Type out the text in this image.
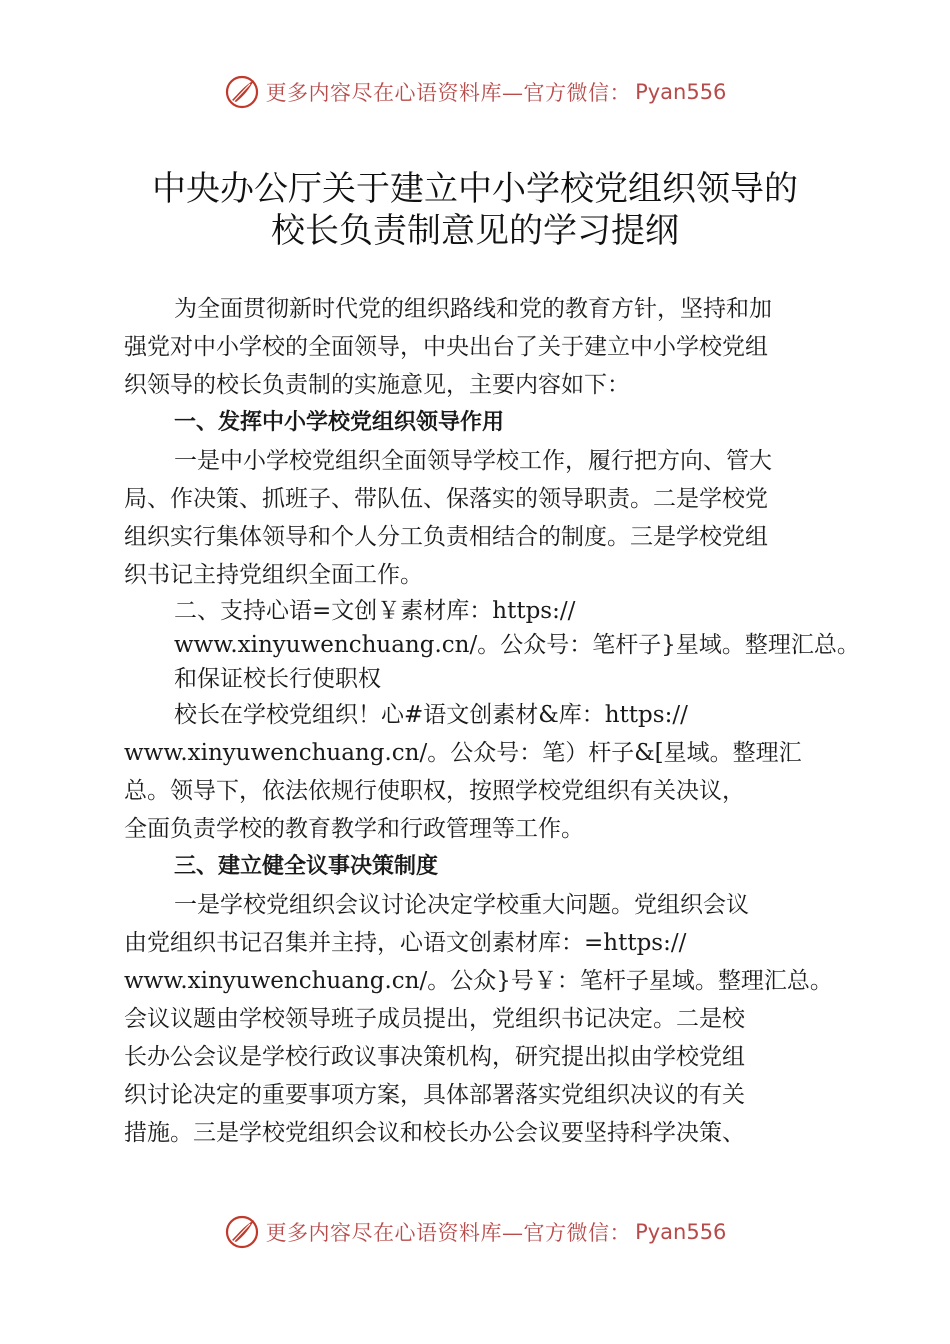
更多内容尽在心语资料库—官方微信： Pyan556
中央办公厅关于建立中小学校党组织领导的
校长负责制意见的学习提纲
为全面贯彻新时代党的组织路线和党的教育方针，坚持和加
强党对中小学校的全面领导，中央出台了关于建立中小学校党组
织领导的校长负责制的实施意见，主要内容如下：
一、发挥中小学校党组织领导作用
一是中小学校党组织全面领导学校工作，履行把方向、管大
局、作决策、抓班子、带队伍、保落实的领导职责。二是学校党
组织实行集体领导和个人分工负责相结合的制度。三是学校党组
织书记主持党组织全面工作。
二、支持心语=文创￥素材库：https://
www.xinyuwenchuang.cn/。公众号：笔杆子}星域。整理汇总。
和保证校长行使职权
校长在学校党组织！心#语文创素材&库：https://
www.xinyuwenchuang.cn/。公众号：笔）杆子&[星域。整理汇
总。领导下，依法依规行使职权，按照学校党组织有关决议，
全面负责学校的教育教学和行政管理等工作。
三、建立健全议事决策制度
一是学校党组织会议讨论决定学校重大问题。党组织会议
由党组织书记召集并主持，心语文创素材库：=https://
www.xinyuwenchuang.cn/。公众}号￥：笔杆子星域。整理汇总。
会议议题由学校领导班子成员提出，党组织书记决定。二是校
长办公会议是学校行政议事决策机构，研究提出拟由学校党组
织讨论决定的重要事项方案，具体部署落实党组织决议的有关
措施。三是学校党组织会议和校长办公会议要坚持科学决策、
更多内容尽在心语资料库—官方微信： Pyan556
